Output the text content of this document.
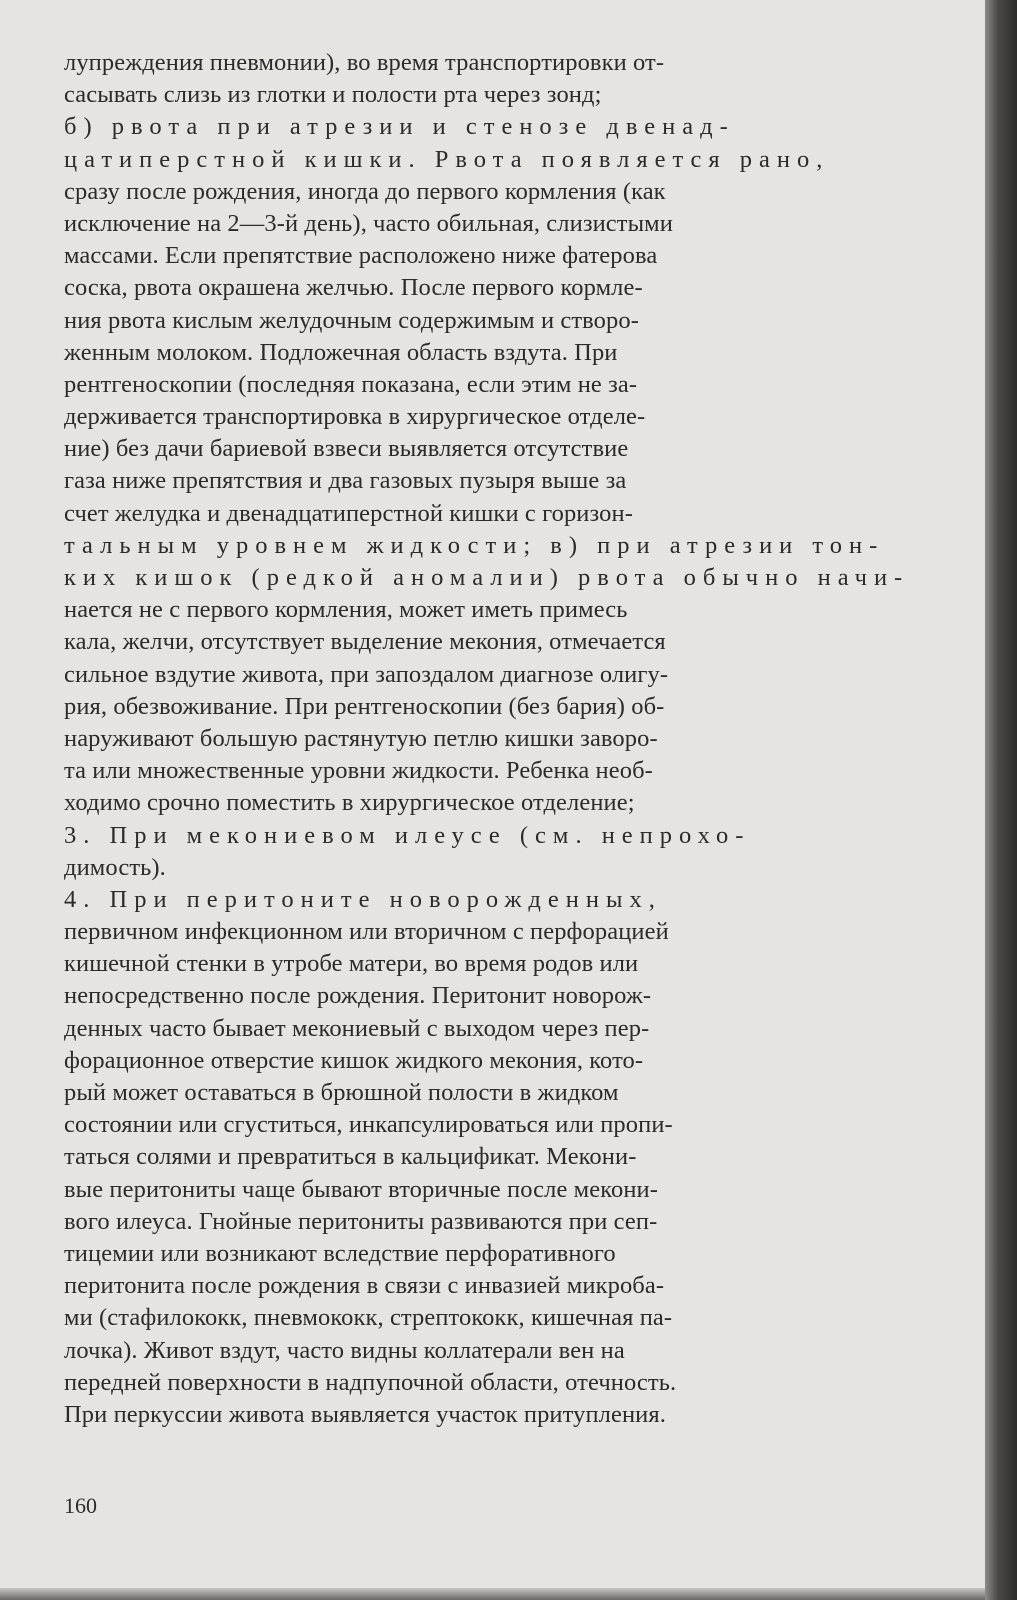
лупреждения пневмонии), во время транспортировки от-
сасывать слизь из глотки и полости рта через зонд;
б) рвота при атрезии и стенозе двенад-
цатиперстной кишки. Рвота появляется рано,
сразу после рождения, иногда до первого кормления (как
исключение на 2—3-й день), часто обильная, слизистыми
массами. Если препятствие расположено ниже фатерова
соска, рвота окрашена желчью. После первого кормле-
ния рвота кислым желудочным содержимым и створо-
женным молоком. Подложечная область вздута. При
рентгеноскопии (последняя показана, если этим не за-
держивается транспортировка в хирургическое отделе-
ние) без дачи бариевой взвеси выявляется отсутствие
газа ниже препятствия и два газовых пузыря выше за
счет желудка и двенадцатиперстной кишки с горизон-
тальным уровнем жидкости; в) при атрезии тон-
ких кишок (редкой аномалии) рвота обычно начи-
нается не с первого кормления, может иметь примесь
кала, желчи, отсутствует выделение мекония, отмечается
сильное вздутие живота, при запоздалом диагнозе олигу-
рия, обезвоживание. При рентгеноскопии (без бария) об-
наруживают большую растянутую петлю кишки заворо-
та или множественные уровни жидкости. Ребенка необ-
ходимо срочно поместить в хирургическое отделение;
3. При мекониевом илеусе (см. непрохо-
димость).
4. При перитоните новорожденных,
первичном инфекционном или вторичном с перфорацией
кишечной стенки в утробе матери, во время родов или
непосредственно после рождения. Перитонит новорож-
денных часто бывает мекониевый с выходом через пер-
форационное отверстие кишок жидкого мекония, кото-
рый может оставаться в брюшной полости в жидком
состоянии или сгуститься, инкапсулироваться или пропи-
таться солями и превратиться в кальцификат. Мекони-
вые перитониты чаще бывают вторичные после мекони-
вого илеуса. Гнойные перитониты развиваются при сеп-
тицемии или возникают вследствие перфоративного
перитонита после рождения в связи с инвазией микроба-
ми (стафилококк, пневмококк, стрептококк, кишечная па-
лочка). Живот вздут, часто видны коллатерали вен на
передней поверхности в надпупочной области, отечность.
При перкуссии живота выявляется участок притупления.
160
